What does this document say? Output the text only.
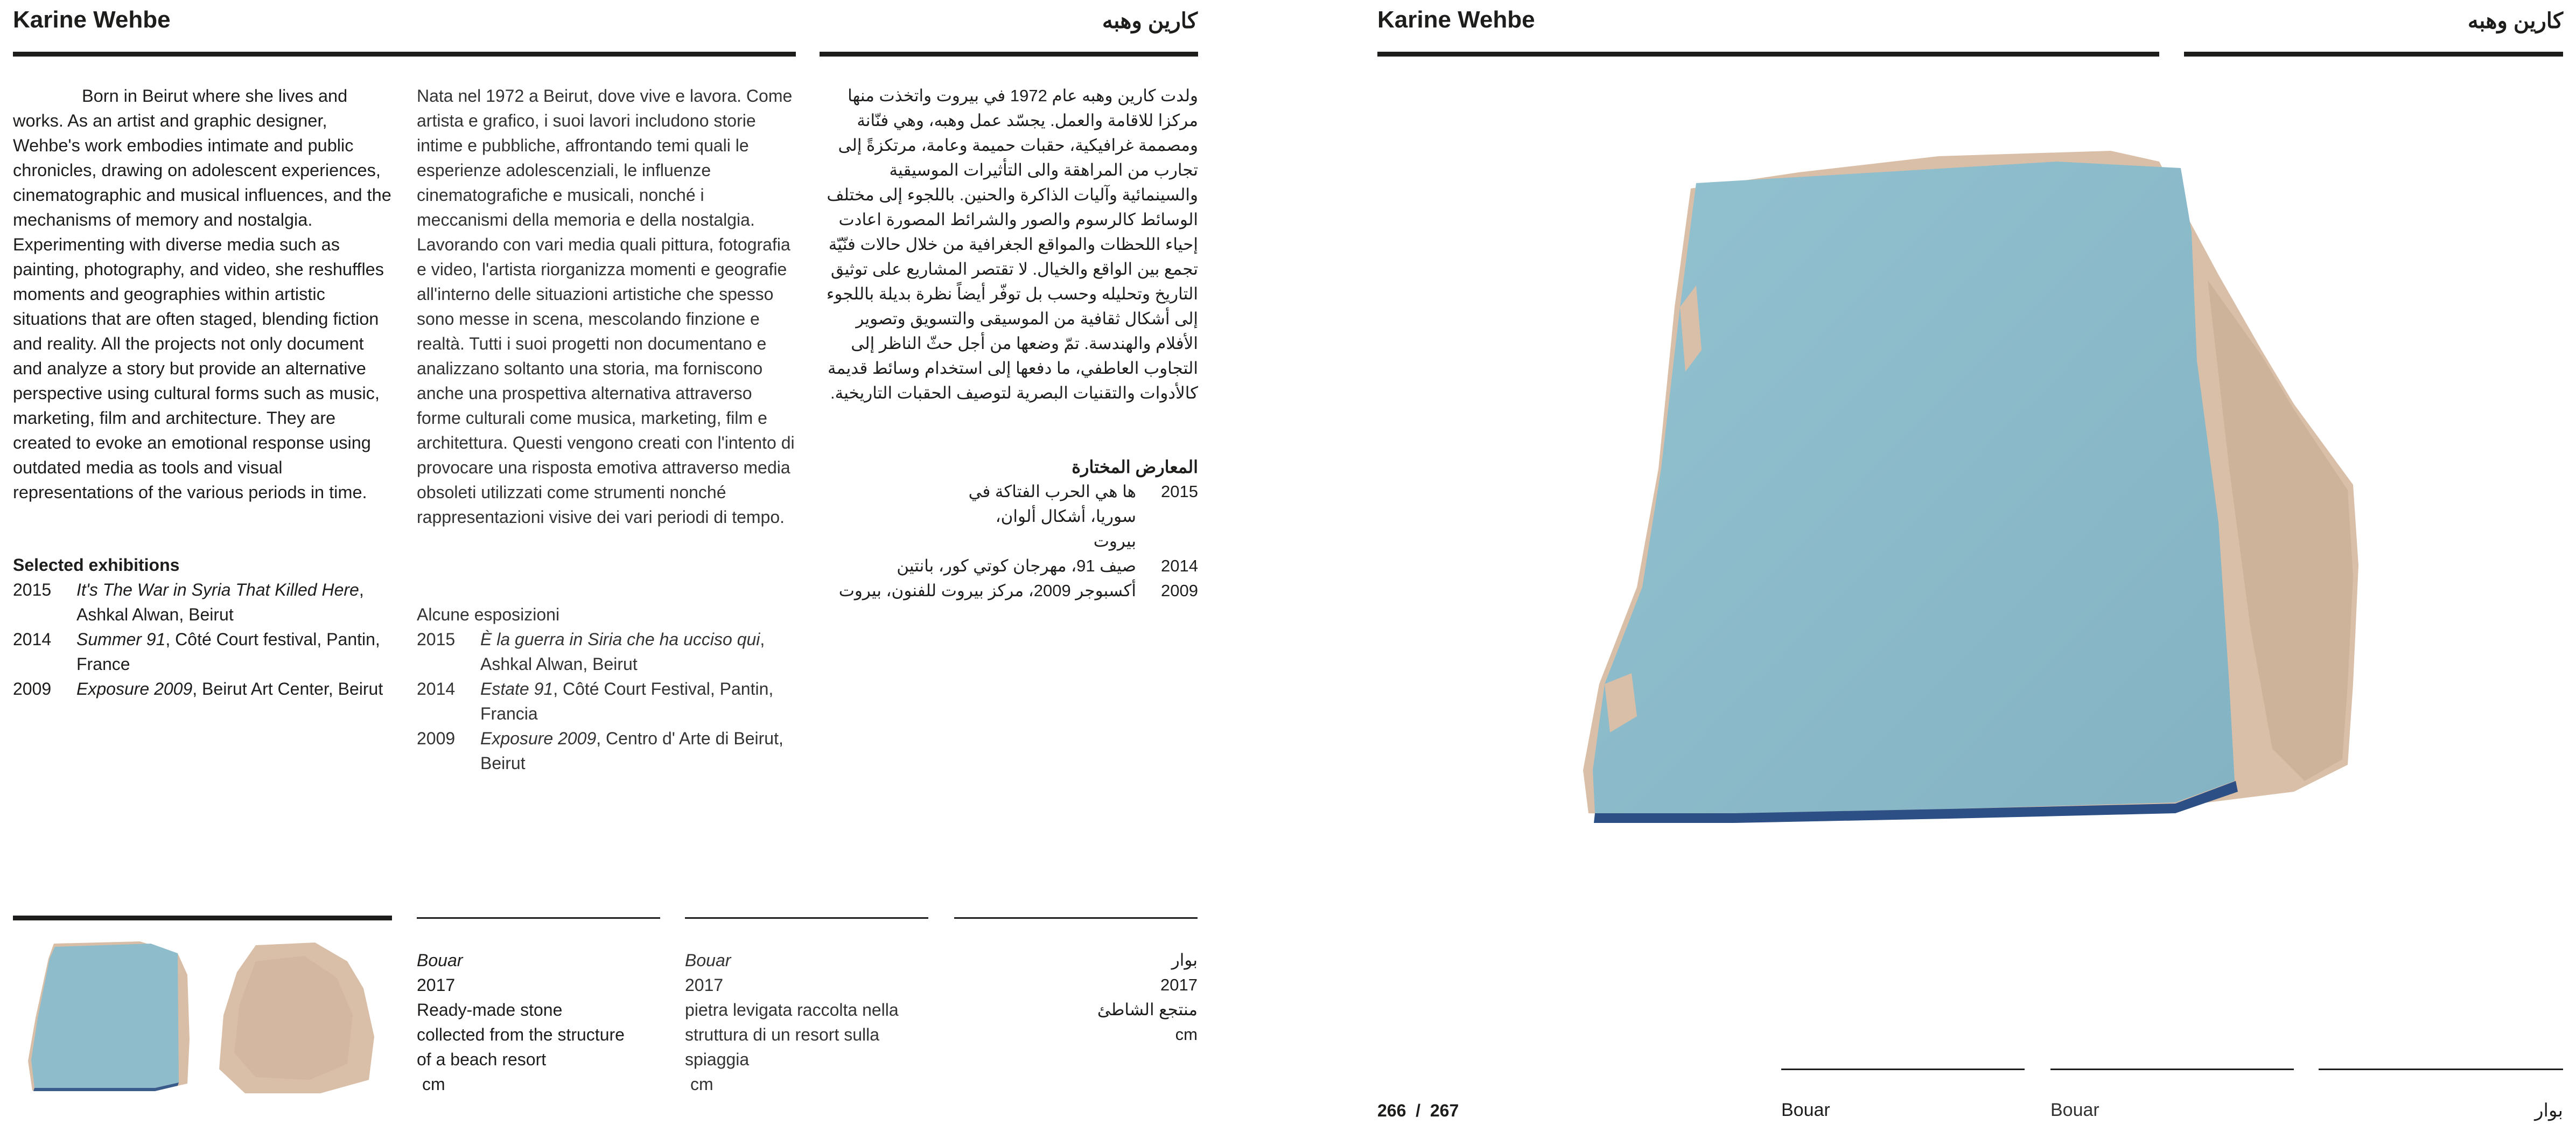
Karine Wehbe	كارين وهبه
Born in Beirut where she lives and works. As an artist and graphic designer, Wehbe's work embodies intimate and public chronicles, drawing on adolescent experiences, cinematographic and musical influences, and the mechanisms of memory and nostalgia. Experimenting with diverse media such as painting, photography, and video, she reshuffles moments and geographies within artistic situations that are often staged, blending fiction and reality. All the projects not only document and analyze a story but provide an alternative perspective using cultural forms such as music, marketing, film and architecture. They are created to evoke an emotional response using outdated media as tools and visual representations of the various periods in time.
Nata nel 1972 a Beirut, dove vive e lavora. Come artista e grafico, i suoi lavori includono storie intime e pubbliche, affrontando temi quali le esperienze adolescenziali, le influenze cinematografiche e musicali, nonché i meccanismi della memoria e della nostalgia. Lavorando con vari media quali pittura, fotografia e video, l'artista riorganizza momenti e geografie all'interno delle situazioni artistiche che spesso sono messe in scena, mescolando finzione e realtà. Tutti i suoi progetti non documentano e analizzano soltanto una storia, ma forniscono anche una prospettiva alternativa attraverso forme culturali come musica, marketing, film e architettura. Questi vengono creati con l'intento di provocare una risposta emotiva attraverso media obsoleti utilizzati come strumenti nonché rappresentazioni visive dei vari periodi di tempo.
ولدت كارين وهبه عام 1972 في بيروت واتخذت منها مركزا للاقامة والعمل. يجسّد عمل وهبه، وهي فنّانة ومصممة غرافيكية، حقبات حميمة وعامة، مرتكزةً إلى تجارب من المراهقة والى التأثيرات الموسيقية والسينمائية وآليات الذاكرة والحنين. باللجوء إلى مختلف الوسائط كالرسوم والصور والشرائط المصورة اعادت إحياء اللحظات والمواقع الجغرافية من خلال حالات فنّيّة تجمع بين الواقع والخيال. لا تقتصر المشاريع على توثيق التاريخ وتحليله وحسب بل توفّر أيضاً نظرة بديلة باللجوء إلى أشكال ثقافية من الموسيقى والتسويق وتصوير الأفلام والهندسة. تمّ وضعها من أجل حثّ الناظر إلى التجاوب العاطفي، ما دفعها إلى استخدام وسائط قديمة كالأدوات والتقنيات البصرية لتوصيف الحقبات التاريخية.
Selected exhibitions
2015	It's The War in Syria That Killed Here, Ashkal Alwan, Beirut
2014	Summer 91, Côté Court festival, Pantin, France
2009	Exposure 2009, Beirut Art Center, Beirut
Alcune esposizioni
2015	È la guerra in Siria che ha ucciso qui, Ashkal Alwan, Beirut
2014	Estate 91, Côté Court Festival, Pantin, Francia
2009	Exposure 2009, Centro d' Arte di Beirut, Beirut
المعارض المختارة
2015
ها هي الحرب الفتاكة في سوريا، أشكال ألوان، بيروت
2014
صيف 91، مهرجان كوتي كور، بانتين
2009
أكسبوجر 2009، مركز بيروت للفنون، بيروت
Bouar
2017
Ready-made stone
collected from the structure
of a beach resort
cm
Bouar
2017
pietra levigata raccolta nella
struttura di un resort sulla
spiaggia
cm
بوار
2017
منتجع الشاطئ
cm
Karine Wehbe	كارين وهبه
266  /  267	Bouar	Bouar	بوار
